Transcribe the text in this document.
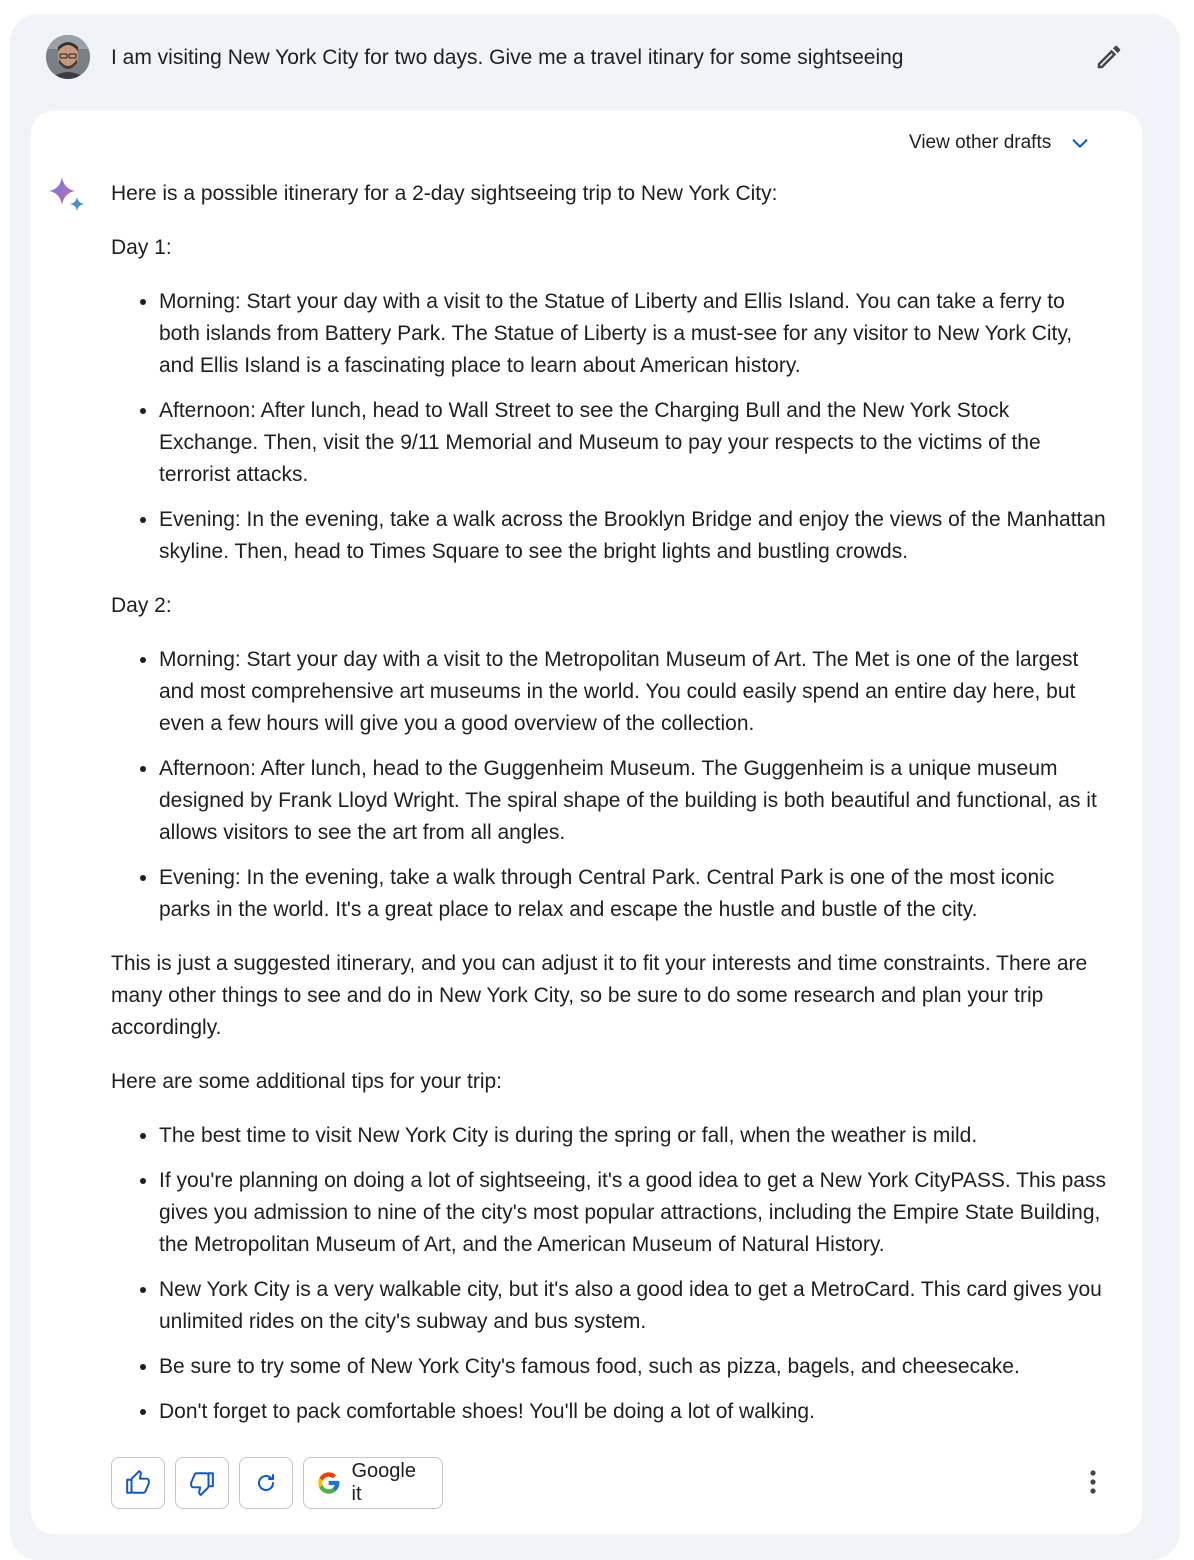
I am visiting New York City for two days. Give me a travel itinary for some sightseeing
View other drafts

Here is a possible itinerary for a 2-day sightseeing trip to New York City:

Day 1:

• Morning: Start your day with a visit to the Statue of Liberty and Ellis Island. You can take a ferry to both islands from Battery Park. The Statue of Liberty is a must-see for any visitor to New York City, and Ellis Island is a fascinating place to learn about American history.
• Afternoon: After lunch, head to Wall Street to see the Charging Bull and the New York Stock Exchange. Then, visit the 9/11 Memorial and Museum to pay your respects to the victims of the terrorist attacks.
• Evening: In the evening, take a walk across the Brooklyn Bridge and enjoy the views of the Manhattan skyline. Then, head to Times Square to see the bright lights and bustling crowds.

Day 2:

• Morning: Start your day with a visit to the Metropolitan Museum of Art. The Met is one of the largest and most comprehensive art museums in the world. You could easily spend an entire day here, but even a few hours will give you a good overview of the collection.
• Afternoon: After lunch, head to the Guggenheim Museum. The Guggenheim is a unique museum designed by Frank Lloyd Wright. The spiral shape of the building is both beautiful and functional, as it allows visitors to see the art from all angles.
• Evening: In the evening, take a walk through Central Park. Central Park is one of the most iconic parks in the world. It's a great place to relax and escape the hustle and bustle of the city.

This is just a suggested itinerary, and you can adjust it to fit your interests and time constraints. There are many other things to see and do in New York City, so be sure to do some research and plan your trip accordingly.

Here are some additional tips for your trip:

• The best time to visit New York City is during the spring or fall, when the weather is mild.
• If you're planning on doing a lot of sightseeing, it's a good idea to get a New York CityPASS. This pass gives you admission to nine of the city's most popular attractions, including the Empire State Building, the Metropolitan Museum of Art, and the American Museum of Natural History.
• New York City is a very walkable city, but it's also a good idea to get a MetroCard. This card gives you unlimited rides on the city's subway and bus system.
• Be sure to try some of New York City's famous food, such as pizza, bagels, and cheesecake.
• Don't forget to pack comfortable shoes! You'll be doing a lot of walking.
Google it
